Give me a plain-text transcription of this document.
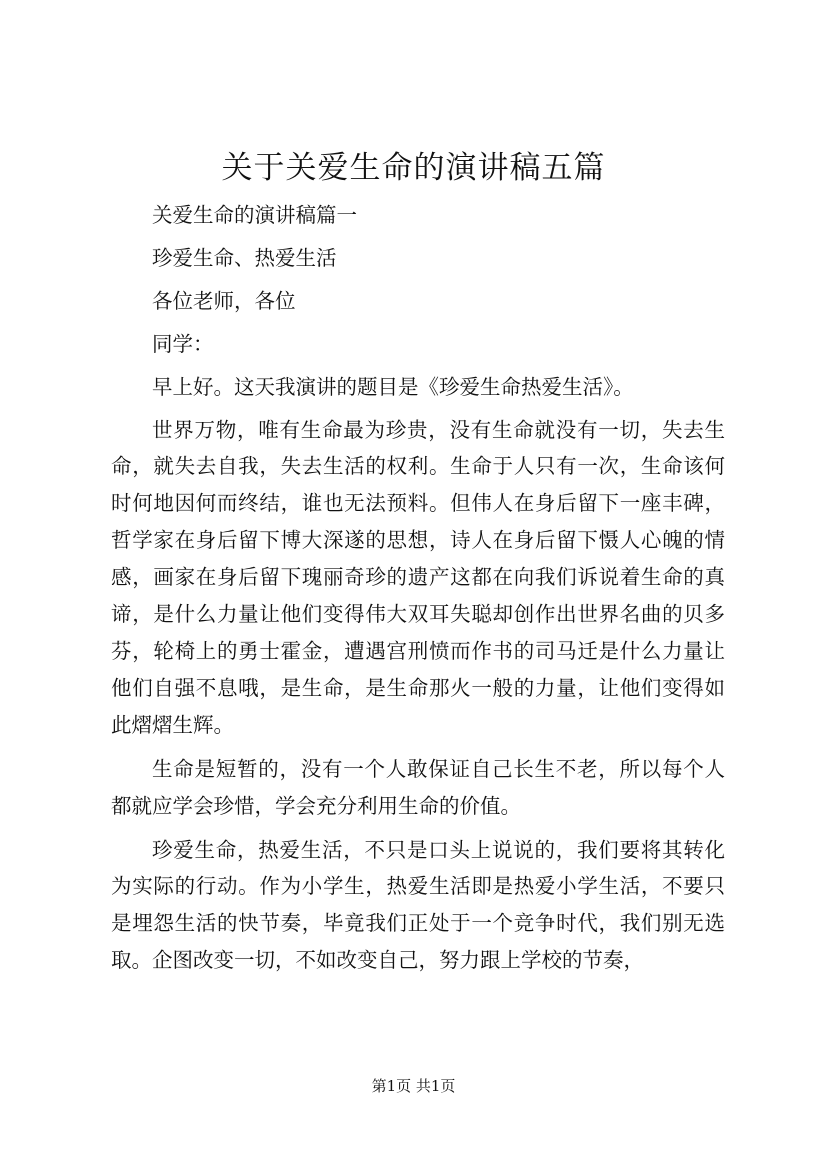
关于关爱生命的演讲稿五篇

关爱生命的演讲稿篇一

珍爱生命、热爱生活

各位老师，各位

同学：

早上好。这天我演讲的题目是《珍爱生命热爱生活》。

世界万物，唯有生命最为珍贵，没有生命就没有一切，失去生命，就失去自我，失去生活的权利。生命于人只有一次，生命该何时何地因何而终结，谁也无法预料。但伟人在身后留下一座丰碑，哲学家在身后留下博大深遂的思想，诗人在身后留下慑人心魄的情感，画家在身后留下瑰丽奇珍的遗产这都在向我们诉说着生命的真谛，是什么力量让他们变得伟大双耳失聪却创作出世界名曲的贝多芬，轮椅上的勇士霍金，遭遇宫刑愤而作书的司马迁是什么力量让他们自强不息哦，是生命，是生命那火一般的力量，让他们变得如此熠熠生辉。

生命是短暂的，没有一个人敢保证自己长生不老，所以每个人都就应学会珍惜，学会充分利用生命的价值。

珍爱生命，热爱生活，不只是口头上说说的，我们要将其转化为实际的行动。作为小学生，热爱生活即是热爱小学生活，不要只是埋怨生活的快节奏，毕竟我们正处于一个竞争时代，我们别无选取。企图改变一切，不如改变自己，努力跟上学校的节奏，

第1页 共1页
